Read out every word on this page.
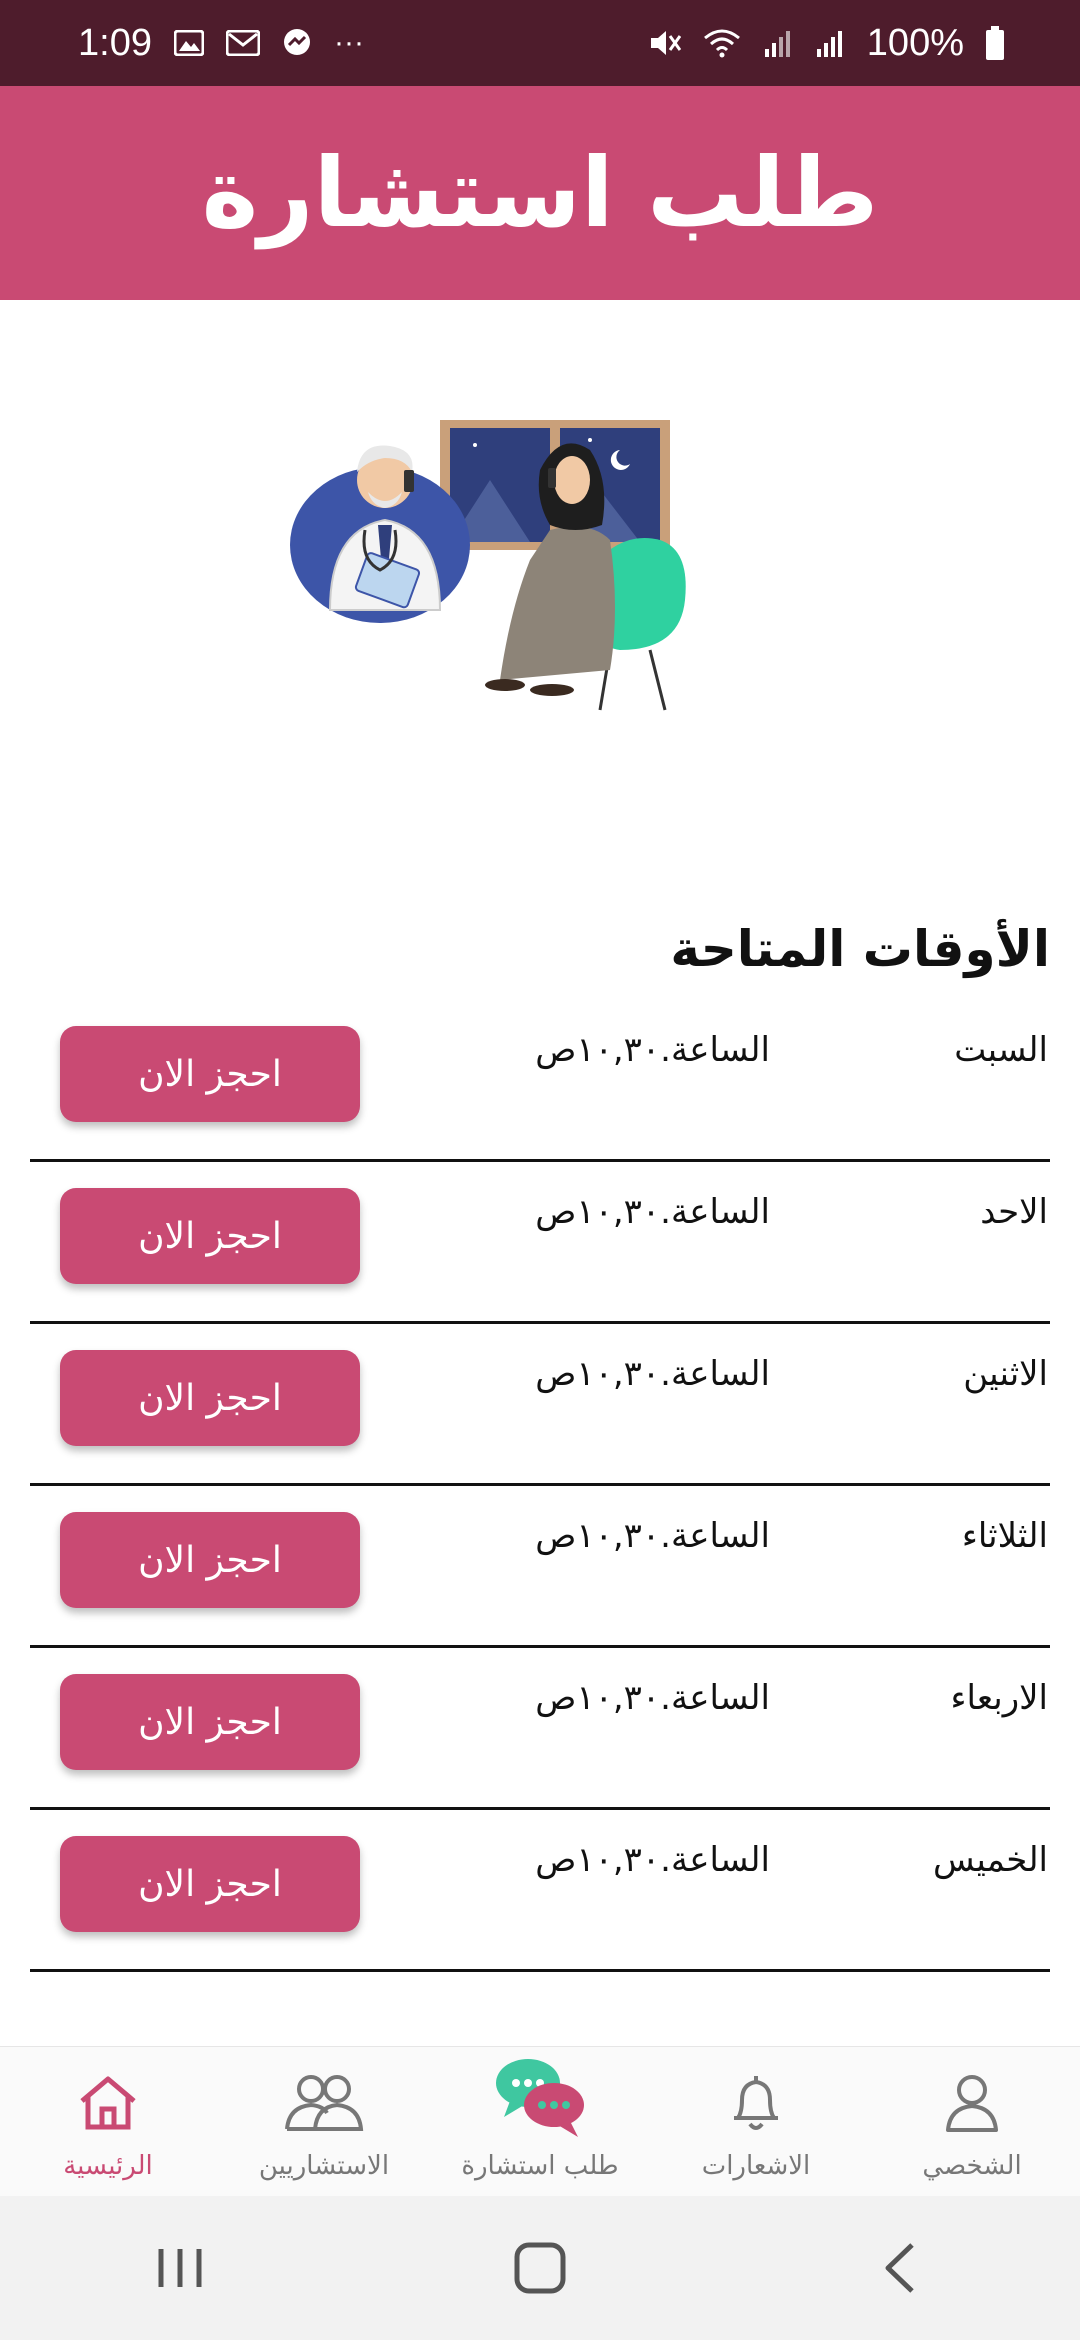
1:09	···	100%
طلب استشارة
الأوقات المتاحة
السبت
الساعة.١٠,٣٠ص
احجز الان
الاحد
الساعة.١٠,٣٠ص
احجز الان
الاثنين
الساعة.١٠,٣٠ص
احجز الان
الثلاثاء
الساعة.١٠,٣٠ص
احجز الان
الاربعاء
الساعة.١٠,٣٠ص
احجز الان
الخميس
الساعة.١٠,٣٠ص
احجز الان
الرئيسية	الاستشاريين	طلب استشارة	الاشعارات	الشخصي
